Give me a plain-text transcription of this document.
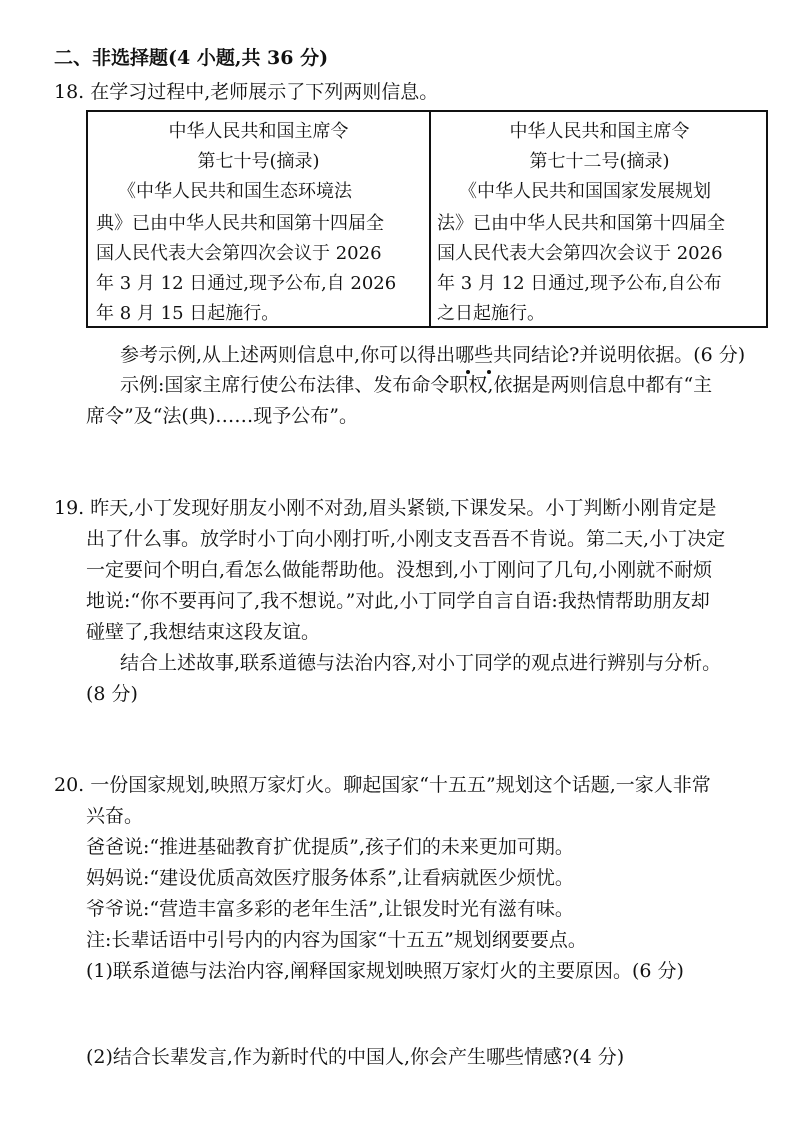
二、非选择题(4 小题,共 36 分)
18. 在学习过程中,老师展示了下列两则信息。
中华人民共和国主席令
第七十号(摘录)
《中华人民共和国生态环境法
典》已由中华人民共和国第十四届全
国人民代表大会第四次会议于 2026
年 3 月 12 日通过,现予公布,自 2026
年 8 月 15 日起施行。
中华人民共和国主席令
第七十二号(摘录)
《中华人民共和国国家发展规划
法》已由中华人民共和国第十四届全
国人民代表大会第四次会议于 2026
年 3 月 12 日通过,现予公布,自公布
之日起施行。
参考示例,从上述两则信息中,你可以得出哪些共同结论?并说明依据。(6 分)
示例:国家主席行使公布法律、发布命令职权,依据是两则信息中都有“主
席令”及“法(典)……现予公布”。
19. 昨天,小丁发现好朋友小刚不对劲,眉头紧锁,下课发呆。小丁判断小刚肯定是
出了什么事。放学时小丁向小刚打听,小刚支支吾吾不肯说。第二天,小丁决定
一定要问个明白,看怎么做能帮助他。没想到,小丁刚问了几句,小刚就不耐烦
地说:“你不要再问了,我不想说。”对此,小丁同学自言自语:我热情帮助朋友却
碰壁了,我想结束这段友谊。
结合上述故事,联系道德与法治内容,对小丁同学的观点进行辨别与分析。
(8 分)
20. 一份国家规划,映照万家灯火。聊起国家“十五五”规划这个话题,一家人非常
兴奋。
爸爸说:“推进基础教育扩优提质”,孩子们的未来更加可期。
妈妈说:“建设优质高效医疗服务体系”,让看病就医少烦忧。
爷爷说:“营造丰富多彩的老年生活”,让银发时光有滋有味。
注:长辈话语中引号内的内容为国家“十五五”规划纲要要点。
(1)联系道德与法治内容,阐释国家规划映照万家灯火的主要原因。(6 分)
(2)结合长辈发言,作为新时代的中国人,你会产生哪些情感?(4 分)
